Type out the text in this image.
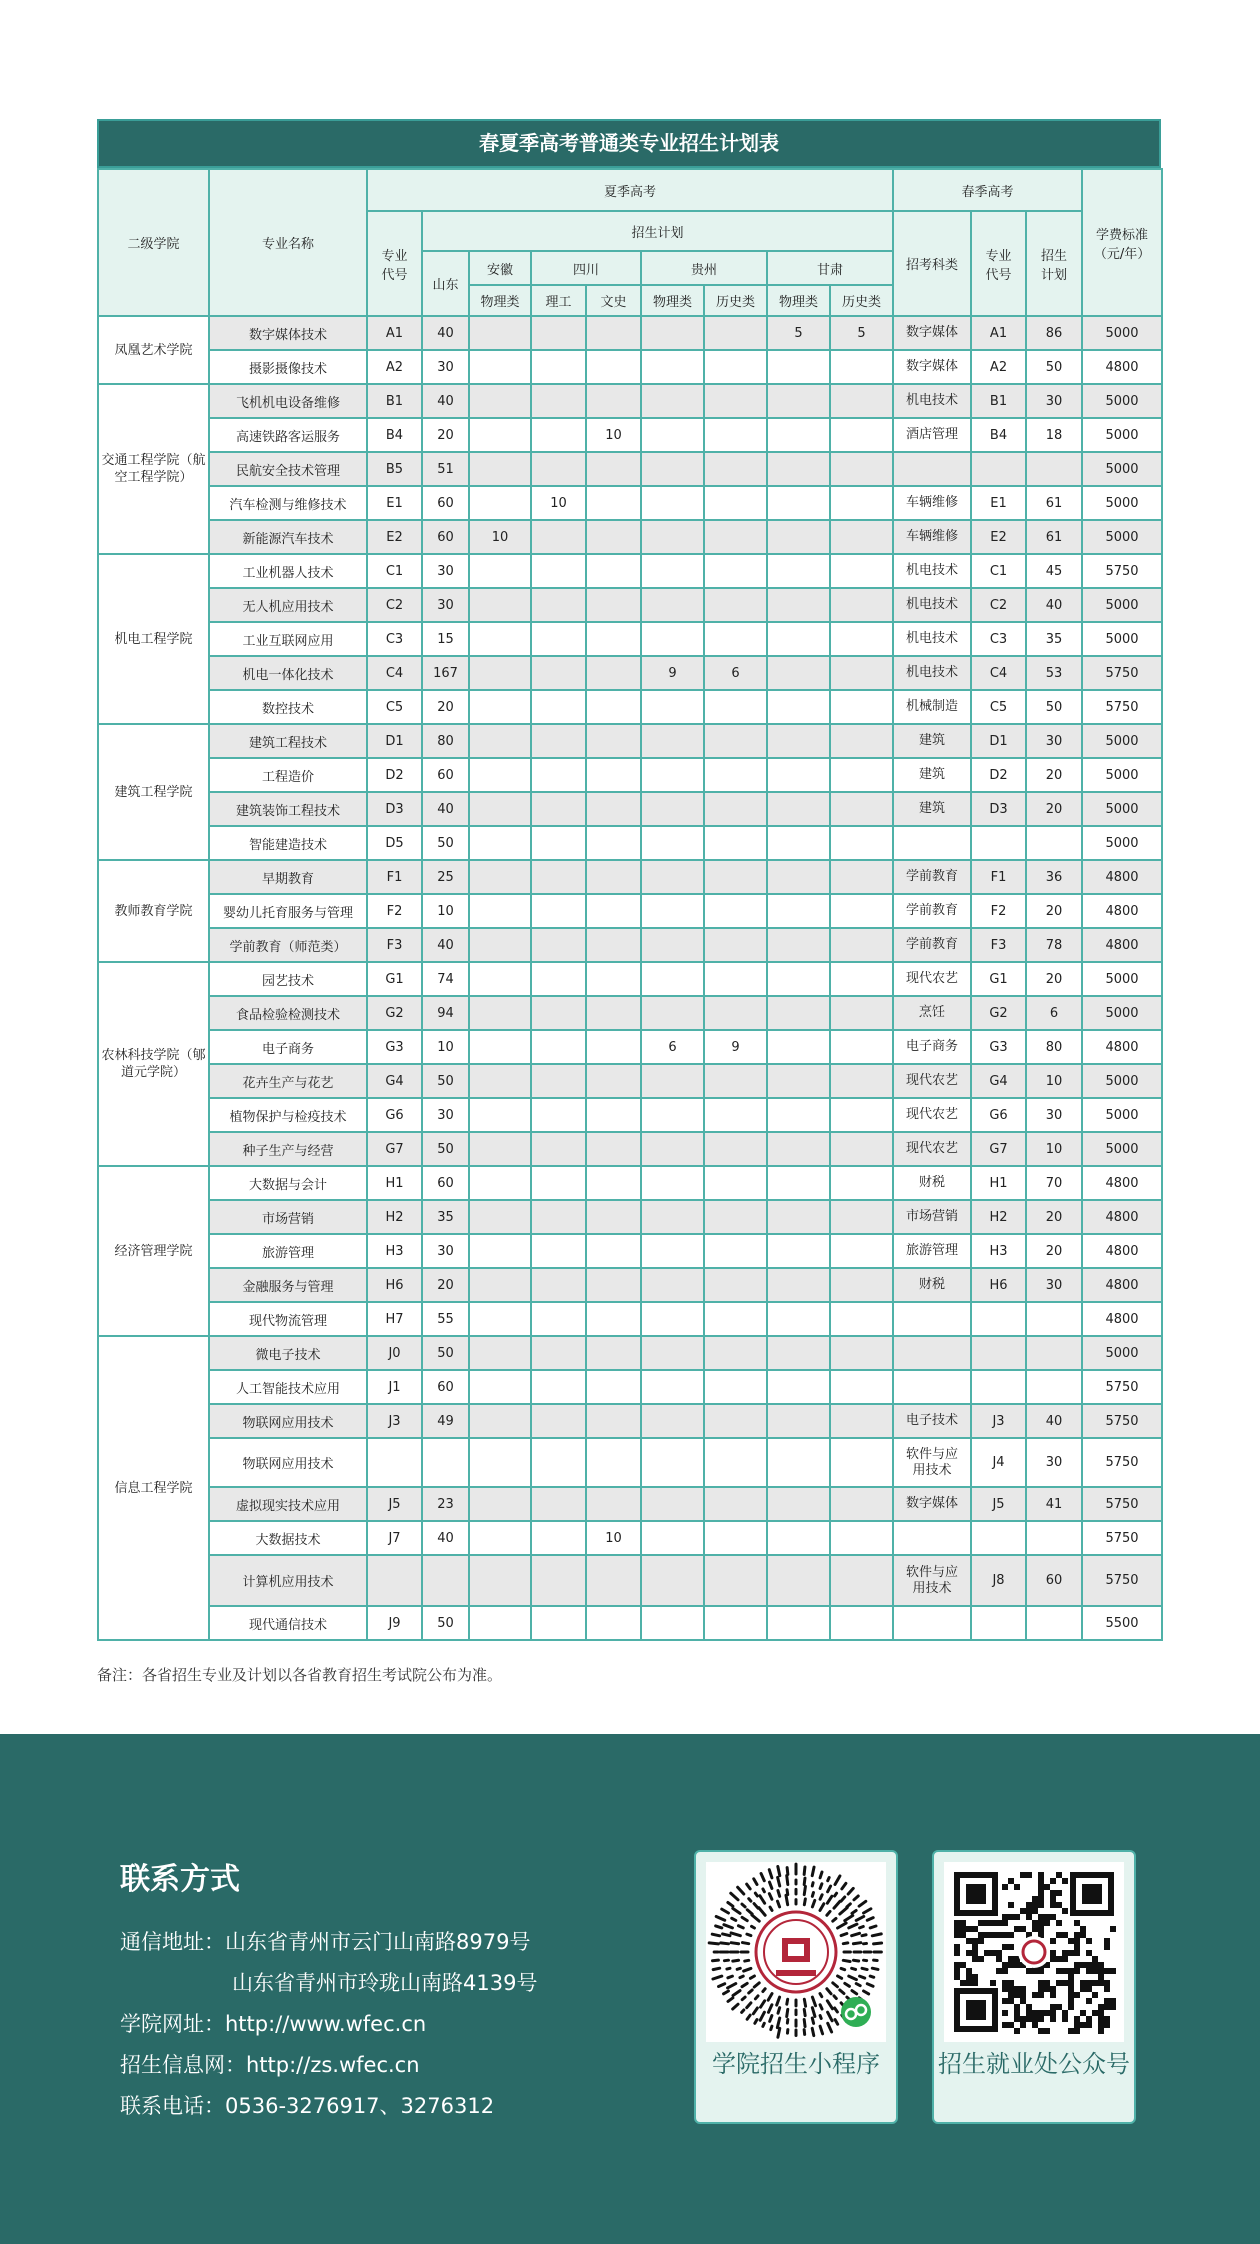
春夏季高考普通类专业招生计划表
二级学院	专业名称	夏季高考									春季高考			学费标准（元/年）
		专业代号	招生计划								招考科类	专业代号	招生计划	
			山东	安徽	四川		贵州		甘肃					
				物理类	理工	文史	物理类	历史类	物理类	历史类				
凤凰艺术学院	数字媒体技术	A1	40						5	5	数字媒体	A1	86	5000
	摄影摄像技术	A2	30								数字媒体	A2	50	4800
交通工程学院（航空工程学院）	飞机机电设备维修	B1	40								机电技术	B1	30	5000
	高速铁路客运服务	B4	20			10					酒店管理	B4	18	5000
	民航安全技术管理	B5	51											5000
	汽车检测与维修技术	E1	60		10						车辆维修	E1	61	5000
	新能源汽车技术	E2	60	10							车辆维修	E2	61	5000
机电工程学院	工业机器人技术	C1	30								机电技术	C1	45	5750
	无人机应用技术	C2	30								机电技术	C2	40	5000
	工业互联网应用	C3	15								机电技术	C3	35	5000
	机电一体化技术	C4	167				9	6			机电技术	C4	53	5750
	数控技术	C5	20								机械制造	C5	50	5750
建筑工程学院	建筑工程技术	D1	80								建筑	D1	30	5000
	工程造价	D2	60								建筑	D2	20	5000
	建筑装饰工程技术	D3	40								建筑	D3	20	5000
	智能建造技术	D5	50											5000
教师教育学院	早期教育	F1	25								学前教育	F1	36	4800
	婴幼儿托育服务与管理	F2	10								学前教育	F2	20	4800
	学前教育（师范类）	F3	40								学前教育	F3	78	4800
农林科技学院（郇道元学院）	园艺技术	G1	74								现代农艺	G1	20	5000
	食品检验检测技术	G2	94								烹饪	G2	6	5000
	电子商务	G3	10				6	9			电子商务	G3	80	4800
	花卉生产与花艺	G4	50								现代农艺	G4	10	5000
	植物保护与检疫技术	G6	30								现代农艺	G6	30	5000
	种子生产与经营	G7	50								现代农艺	G7	10	5000
经济管理学院	大数据与会计	H1	60								财税	H1	70	4800
	市场营销	H2	35								市场营销	H2	20	4800
	旅游管理	H3	30								旅游管理	H3	20	4800
	金融服务与管理	H6	20								财税	H6	30	4800
	现代物流管理	H7	55											4800
信息工程学院	微电子技术	J0	50											5000
	人工智能技术应用	J1	60											5750
	物联网应用技术	J3	49								电子技术	J3	40	5750
	物联网应用技术										软件与应用技术	J4	30	5750
	虚拟现实技术应用	J5	23								数字媒体	J5	41	5750
	大数据技术	J7	40			10								5750
	计算机应用技术										软件与应用技术	J8	60	5750
	现代通信技术	J9	50											5500
备注：各省招生专业及计划以各省教育招生考试院公布为准。
联系方式
通信地址：山东省青州市云门山南路8979号
山东省青州市玲珑山南路4139号
学院网址：http://www.wfec.cn
招生信息网：http://zs.wfec.cn
联系电话：0536-3276917、3276312
学院招生小程序	招生就业处公众号
